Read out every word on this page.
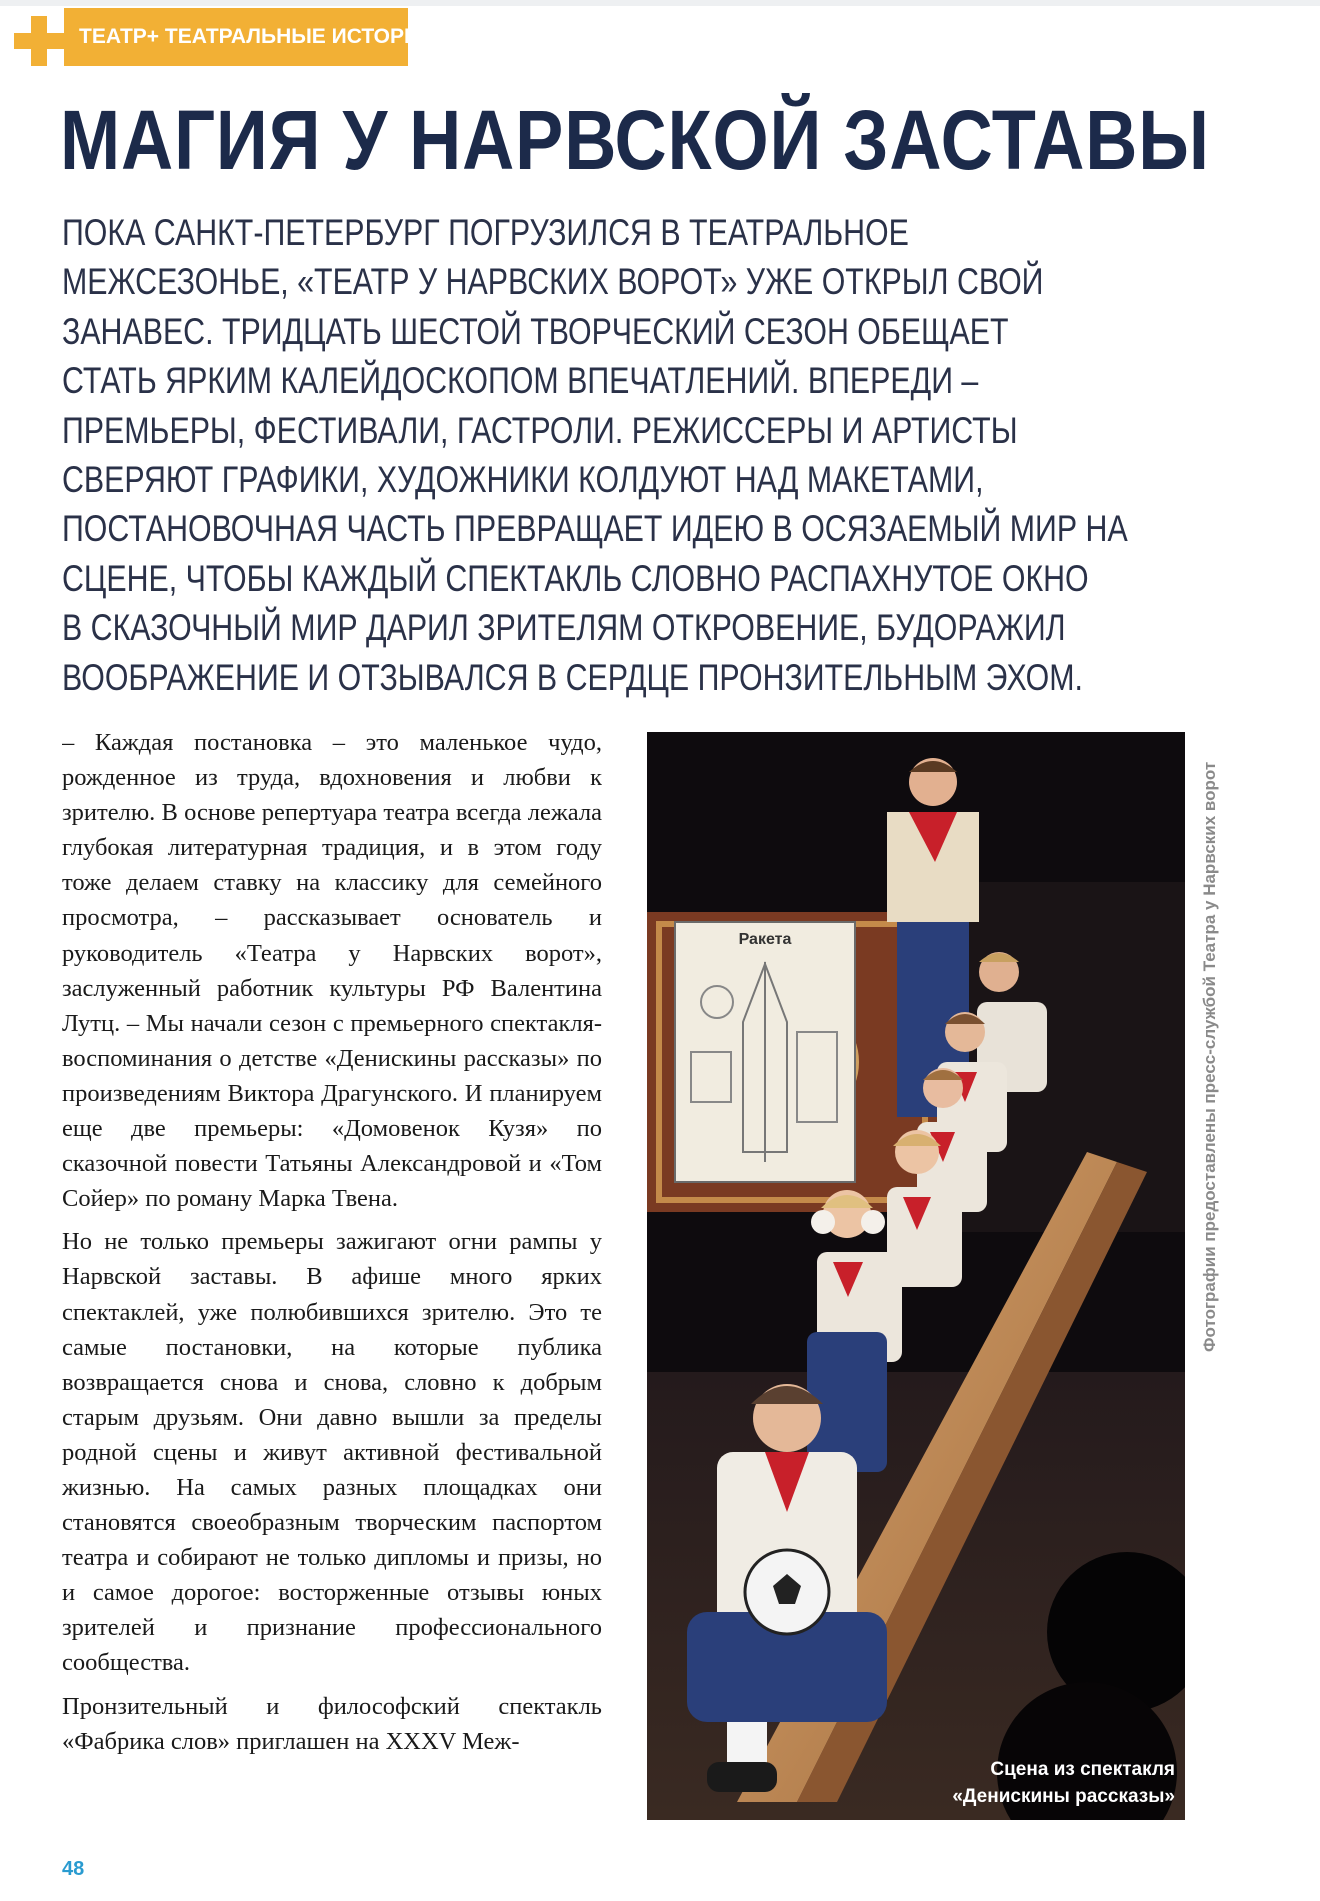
ТЕАТР+ ТЕАТРАЛЬНЫЕ ИСТОРИИ
МАГИЯ У НАРВСКОЙ ЗАСТАВЫ
ПОКА САНКТ-ПЕТЕРБУРГ ПОГРУЗИЛСЯ В ТЕАТРАЛЬНОЕ
МЕЖСЕЗОНЬЕ, «ТЕАТР У НАРВСКИХ ВОРОТ» УЖЕ ОТКРЫЛ СВОЙ
ЗАНАВЕС. ТРИДЦАТЬ ШЕСТОЙ ТВОРЧЕСКИЙ СЕЗОН ОБЕЩАЕТ
СТАТЬ ЯРКИМ КАЛЕЙДОСКОПОМ ВПЕЧАТЛЕНИЙ. ВПЕРЕДИ –
ПРЕМЬЕРЫ, ФЕСТИВАЛИ, ГАСТРОЛИ. РЕЖИССЕРЫ И АРТИСТЫ
СВЕРЯЮТ ГРАФИКИ, ХУДОЖНИКИ КОЛДУЮТ НАД МАКЕТАМИ,
ПОСТАНОВОЧНАЯ ЧАСТЬ ПРЕВРАЩАЕТ ИДЕЮ В ОСЯЗАЕМЫЙ МИР НА
СЦЕНЕ, ЧТОБЫ КАЖДЫЙ СПЕКТАКЛЬ СЛОВНО РАСПАХНУТОЕ ОКНО
В СКАЗОЧНЫЙ МИР ДАРИЛ ЗРИТЕЛЯМ ОТКРОВЕНИЕ, БУДОРАЖИЛ
ВООБРАЖЕНИЕ И ОТЗЫВАЛСЯ В СЕРДЦЕ ПРОНЗИТЕЛЬНЫМ ЭХОМ.

– Каждая постановка – это маленькое чудо, рожденное из труда, вдохновения и любви к зрителю. В основе репертуара театра всегда лежала глубокая литературная традиция, и в этом году тоже делаем ставку на классику для семейного просмотра, – рассказывает основатель и руководитель «Театра у Нарвских ворот», заслуженный работник культуры РФ Валентина Лутц. – Мы начали сезон с премьерного спектакля-воспоминания о детстве «Денискины рассказы» по произведениям Виктора Драгунского. И планируем еще две премьеры: «Домовенок Кузя» по сказочной повести Татьяны Александровой и «Том Сойер» по роману Марка Твена.

Но не только премьеры зажигают огни рампы у Нарвской заставы. В афише много ярких спектаклей, уже полюбившихся зрителю. Это те самые постановки, на которые публика возвращается снова и снова, словно к добрым старым друзьям. Они давно вышли за пределы родной сцены и живут активной фестивальной жизнью. На самых разных площадках они становятся своеобразным творческим паспортом театра и собирают не только дипломы и призы, но и самое дорогое: восторженные отзывы юных зрителей и признание профессионального сообщества.

Пронзительный и философский спектакль «Фабрика слов» приглашен на XXXV Меж-

Ракета
Сцена из спектакля
«Денискины рассказы»
Фотографии предоставлены пресс-службой Театра у Нарвских ворот
48
